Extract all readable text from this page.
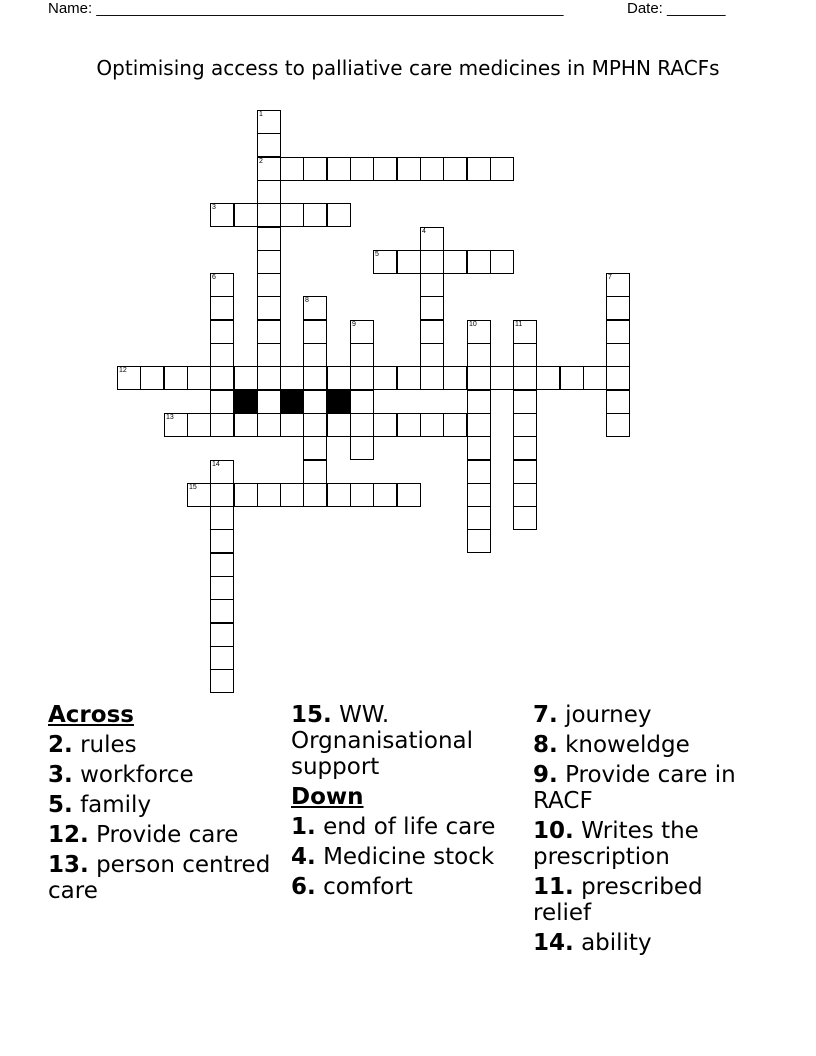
Name: ________________________________________________________	Date: _______
Optimising access to palliative care medicines in MPHN RACFs
1
2
3
4
5
6	7
8
9	10	11
12
13
14
15
Across
2. rules
3. workforce
5. family
12. Provide care
13. person centred care
15. WW. Orgnanisational support
Down
1. end of life care
4. Medicine stock
6. comfort
7. journey
8. knoweldge
9. Provide care in RACF
10. Writes the prescription
11. prescribed relief
14. ability
